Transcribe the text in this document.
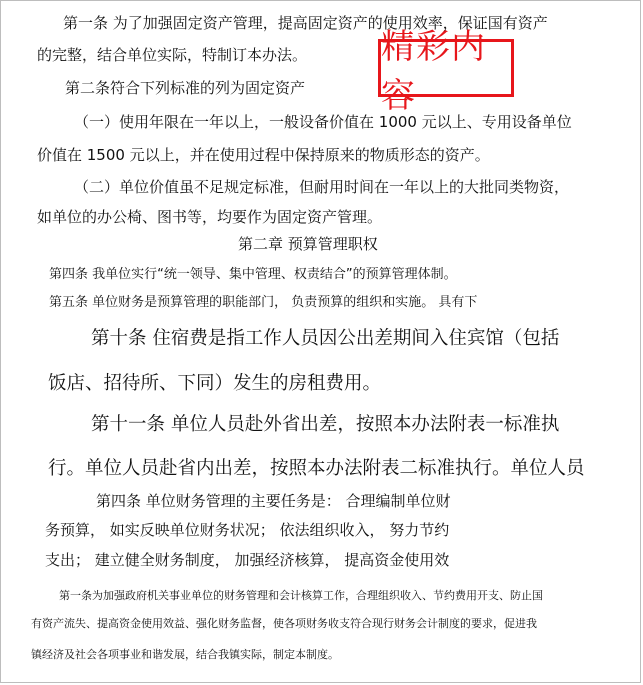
精彩内容

第一条 为了加强固定资产管理，提高固定资产的使用效率，保证国有资产

的完整，结合单位实际，特制订本办法。

第二条符合下列标准的列为固定资产

（一）使用年限在一年以上，一般设备价值在 1000 元以上、专用设备单位

价值在 1500 元以上，并在使用过程中保持原来的物质形态的资产。

（二）单位价值虽不足规定标准，但耐用时间在一年以上的大批同类物资，

如单位的办公椅、图书等，均要作为固定资产管理。

第二章 预算管理职权

第四条 我单位实行“统一领导、集中管理、权责结合”的预算管理体制。

第五条 单位财务是预算管理的职能部门， 负责预算的组织和实施。 具有下

第十条 住宿费是指工作人员因公出差期间入住宾馆（包括

饭店、招待所、下同）发生的房租费用。

第十一条 单位人员赴外省出差，按照本办法附表一标准执

行。单位人员赴省内出差，按照本办法附表二标准执行。单位人员

第四条 单位财务管理的主要任务是： 合理编制单位财

务预算， 如实反映单位财务状况； 依法组织收入， 努力节约

支出； 建立健全财务制度， 加强经济核算， 提高资金使用效

第一条为加强政府机关事业单位的财务管理和会计核算工作，合理组织收入、节约费用开支、防止国

有资产流失、提高资金使用效益、强化财务监督，使各项财务收支符合现行财务会计制度的要求，促进我

镇经济及社会各项事业和谐发展，结合我镇实际，制定本制度。
